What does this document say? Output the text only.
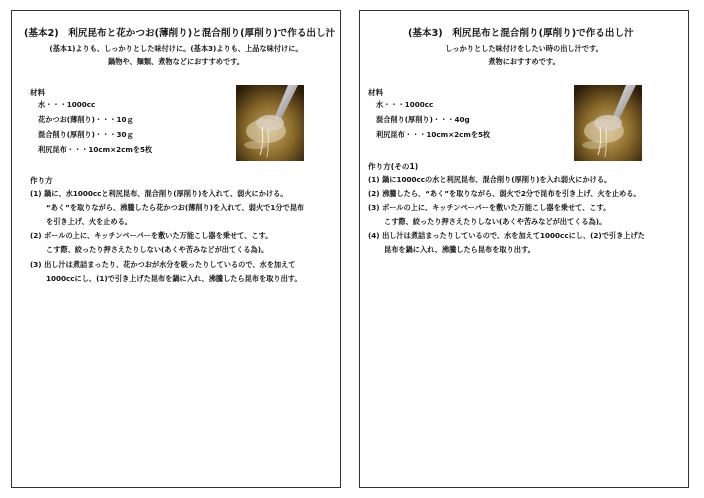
(基本2)　利尻昆布と花かつお(薄削り)と混合削り(厚削り)で作る出し汁
(基本1)よりも、しっかりとした味付けに。(基本3)よりも、上品な味付けに。
鍋物や、麺類、煮物などにおすすめです。
材料
水・・・1000cc
花かつお(薄削り)・・・10ｇ
混合削り(厚削り)・・・30ｇ
利尻昆布・・・10cm×2cmを5枚
作り方
(1) 鍋に、水1000ccと利尻昆布、混合削り(厚削り)を入れて、弱火にかける。
“あく”を取りながら、沸騰したら花かつお(薄削り)を入れて、弱火で1分で昆布
を引き上げ、火を止める。
(2) ボールの上に、キッチンペーパーを敷いた万能こし器を乗せて、こす。
こす際、絞ったり押さえたりしない(あくや苦みなどが出てくる為)。
(3) 出し汁は煮詰まったり、花かつおが水分を吸ったりしているので、水を加えて
1000ccにし、(1)で引き上げた昆布を鍋に入れ、沸騰したら昆布を取り出す。
(基本3)　利尻昆布と混合削り(厚削り)で作る出し汁
しっかりとした味付けをしたい時の出し汁です。
煮物におすすめです。
材料
水・・・1000cc
混合削り(厚削り)・・・40g
利尻昆布・・・10cm×2cmを5枚
作り方(その1)
(1) 鍋に1000ccの水と利尻昆布、混合削り(厚削り)を入れ弱火にかける。
(2) 沸騰したら、“あく”を取りながら、弱火で2分で昆布を引き上げ、火を止める。
(3) ボールの上に、キッチンペーパーを敷いた万能こし器を乗せて、こす。
こす際、絞ったり押さえたりしない(あくや苦みなどが出てくる為)。
(4) 出し汁は煮詰まったりしているので、水を加えて1000ccにし、(2)で引き上げた
昆布を鍋に入れ、沸騰したら昆布を取り出す。
